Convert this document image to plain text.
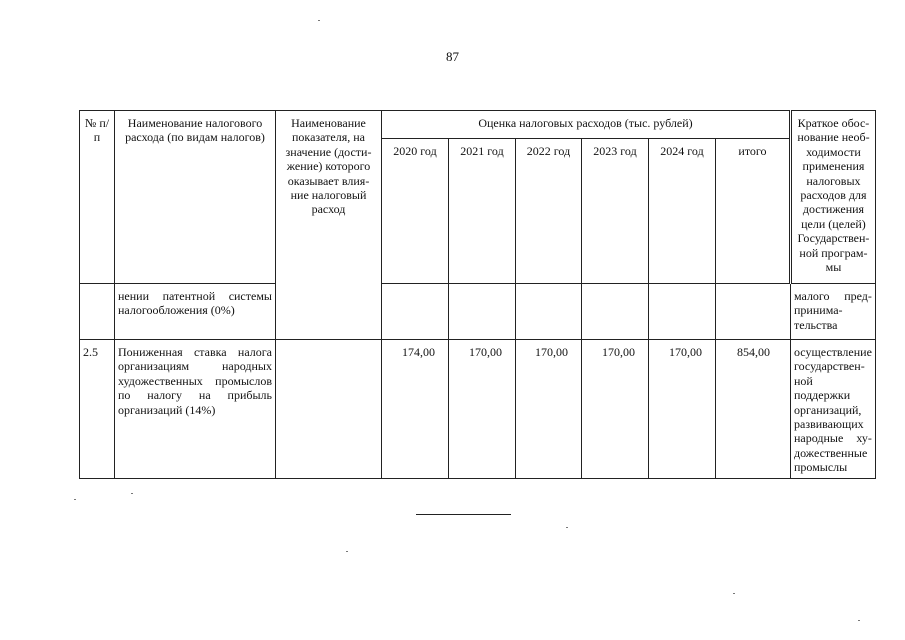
87
№ п/п	Наименование налогового расхода (по видам налогов)	Наименование показателя, на значение (достижение) которого оказывает влияние налоговый расход	Оценка налоговых расходов (тыс. рублей)						Краткое обоснование необходимости применения налоговых расходов для достижения цели (целей) Государственной программы
			2020 год	2021 год	2022 год	2023 год	2024 год	итого	
	нении патентной системы налогообложения (0%)								малого предпринимательства
2.5	Пониженная ставка налога организациям народных художественных промыслов по налогу на прибыль организаций (14%)		174,00	170,00	170,00	170,00	170,00	854,00	осуществление государственной поддержки организаций, развивающих народные художественные промыслы
